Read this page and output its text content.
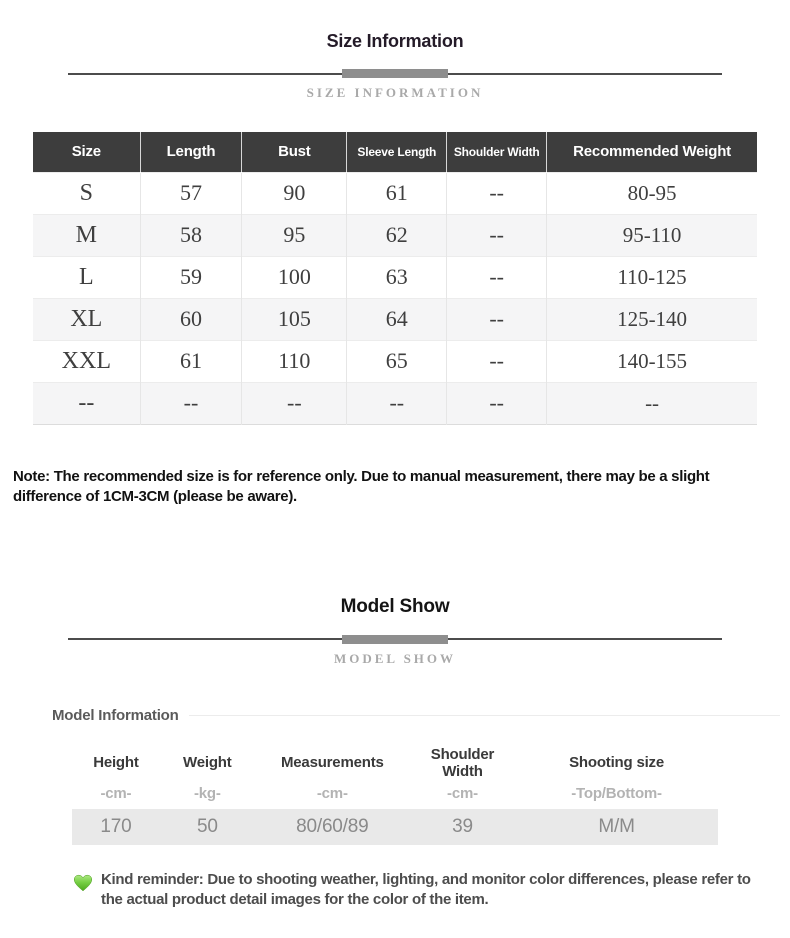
Size Information
SIZE INFORMATION
Size	Length	Bust	Sleeve Length	Shoulder Width	Recommended Weight
S	57	90	61	--	80-95
M	58	95	62	--	95-110
L	59	100	63	--	110-125
XL	60	105	64	--	125-140
XXL	61	110	65	--	140-155
--	--	--	--	--	--

Note: The recommended size is for reference only. Due to manual measurement, there may be a slight difference of 1CM-3CM (please be aware).

Model Show
MODEL SHOW
Model Information
Height	Weight	Measurements	Shoulder Width	Shooting size
-cm-	-kg-	-cm-	-cm-	-Top/Bottom-
170	50	80/60/89	39	M/M

Kind reminder: Due to shooting weather, lighting, and monitor color differences, please refer to the actual product detail images for the color of the item.
